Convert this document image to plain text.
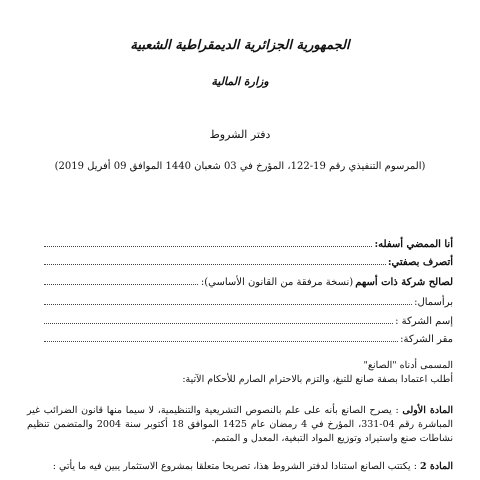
الجمهورية الجزائرية الديمقراطية الشعبية
وزارة المالية
دفتر الشروط
(المرسوم التنفيذي رقم 19-122، المؤرخ في 03 شعبان 1440 الموافق 09 أفريل 2019)
أنا الممضي أسفله:
أتصرف بصفتي:
لصالح شركة ذات أسهم
(نسخة مرفقة من القانون الأساسي):
برأسمال:
إسم الشركة :
مقر الشركة:
المسمى أدناه "الصانع"
أطلب اعتمادا بصفة صانع للتبغ، والتزم بالاحترام الصارم للأحكام الآتية:
المادة الأولى : يصرح الصانع بأنه على علم بالنصوص التشريعية والتنظيمية، لا سيما منها قانون الضرائب غير المباشرة رقم 04-331، المؤرخ في 4 رمضان عام 1425 الموافق 18 أكتوبر سنة 2004 والمتضمن تنظيم نشاطات صنع واستيراد وتوزيع المواد التبغية، المعدل و المتمم.
المادة 2 : يكتتب الصانع استنادا لدفتر الشروط هذا، تصريحا متعلقا بمشروع الاستثمار يبين فيه ما يأتي :
